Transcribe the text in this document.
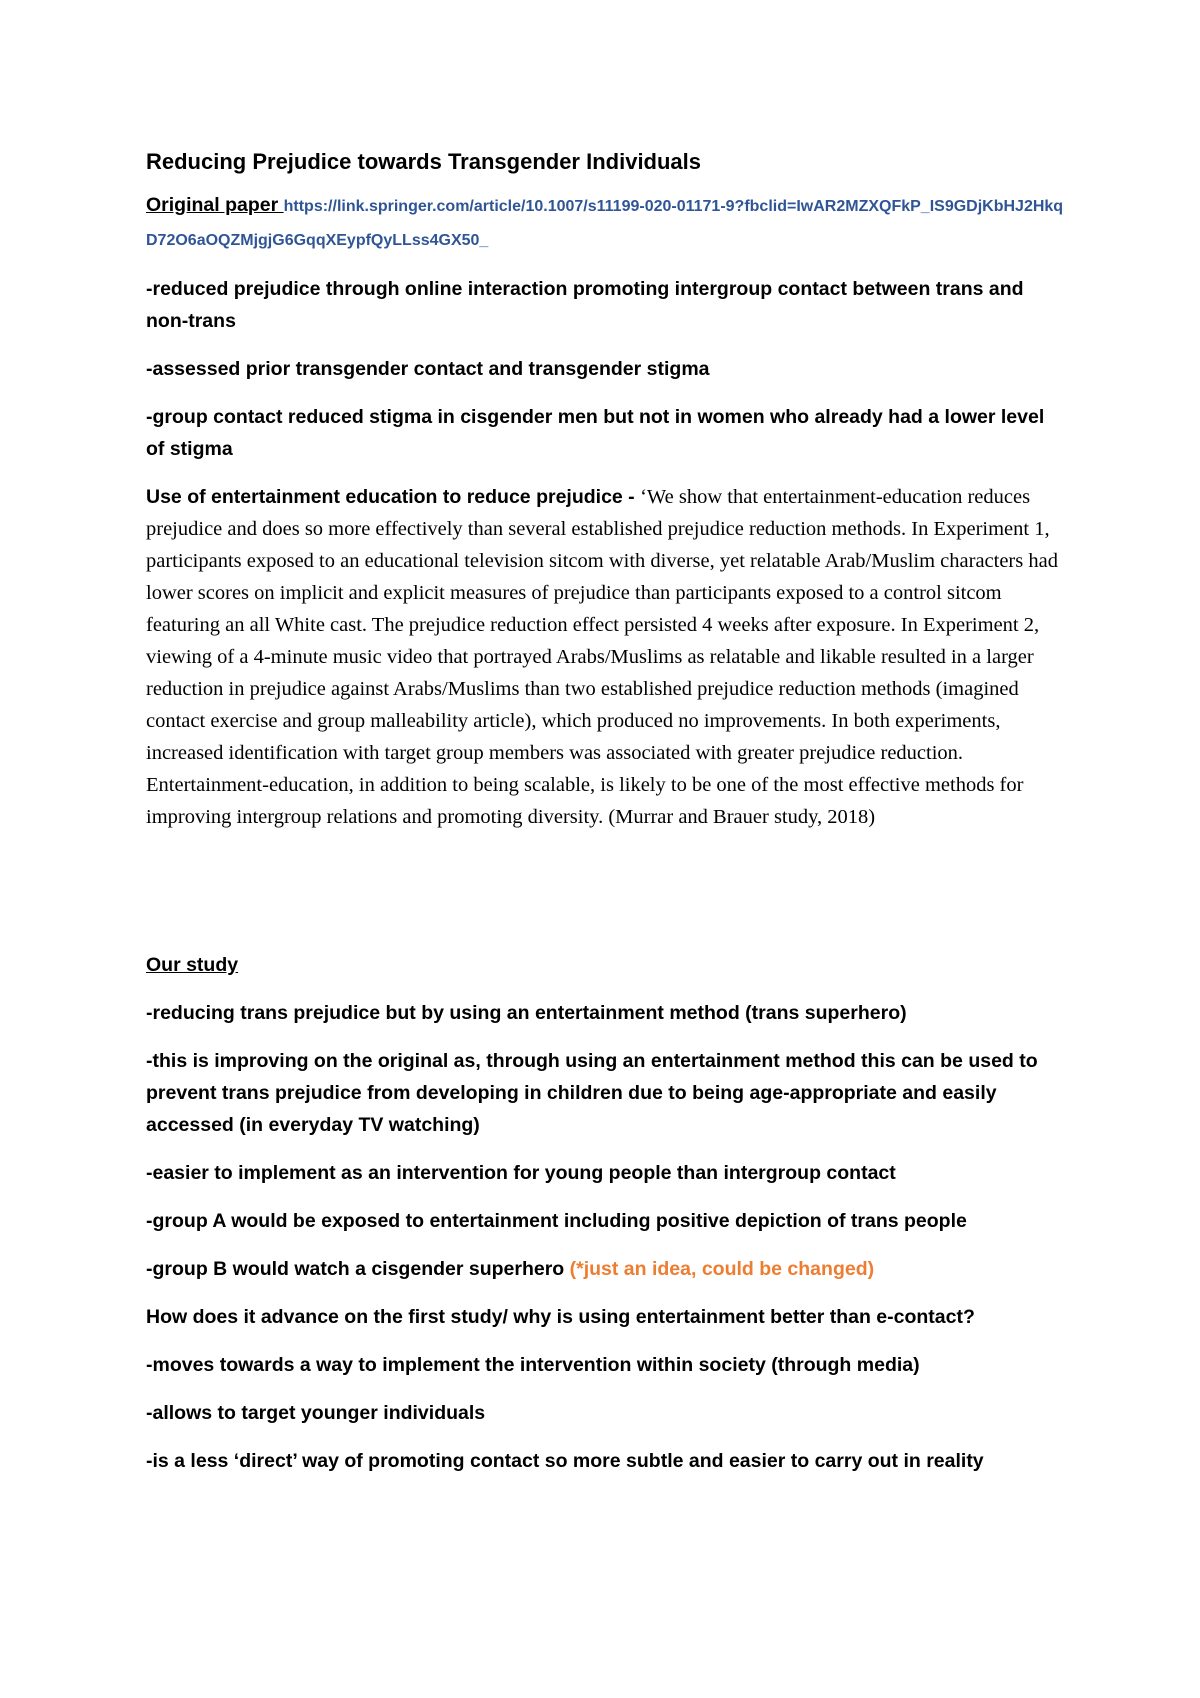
Reducing Prejudice towards Transgender Individuals
Original paper https://link.springer.com/article/10.1007/s11199-020-01171-9?fbclid=IwAR2MZXQFkP_IS9GDjKbHJ2HkqD72O6aOQZMjgjG6GqqXEypfQyLLss4GX50_
-reduced prejudice through online interaction promoting intergroup contact between trans and non-trans
-assessed prior transgender contact and transgender stigma
-group contact reduced stigma in cisgender men but not in women who already had a lower level of stigma
Use of entertainment education to reduce prejudice - ‘We show that entertainment-education reduces prejudice and does so more effectively than several established prejudice reduction methods. In Experiment 1, participants exposed to an educational television sitcom with diverse, yet relatable Arab/Muslim characters had lower scores on implicit and explicit measures of prejudice than participants exposed to a control sitcom featuring an all White cast. The prejudice reduction effect persisted 4 weeks after exposure. In Experiment 2, viewing of a 4-minute music video that portrayed Arabs/Muslims as relatable and likable resulted in a larger reduction in prejudice against Arabs/Muslims than two established prejudice reduction methods (imagined contact exercise and group malleability article), which produced no improvements. In both experiments, increased identification with target group members was associated with greater prejudice reduction. Entertainment-education, in addition to being scalable, is likely to be one of the most effective methods for improving intergroup relations and promoting diversity. (Murrar and Brauer study, 2018)
Our study
-reducing trans prejudice but by using an entertainment method (trans superhero)
-this is improving on the original as, through using an entertainment method this can be used to prevent trans prejudice from developing in children due to being age-appropriate and easily accessed (in everyday TV watching)
-easier to implement as an intervention for young people than intergroup contact
-group A would be exposed to entertainment including positive depiction of trans people
-group B would watch a cisgender superhero (*just an idea, could be changed)
How does it advance on the first study/ why is using entertainment better than e-contact?
-moves towards a way to implement the intervention within society (through media)
-allows to target younger individuals
-is a less ‘direct’ way of promoting contact so more subtle and easier to carry out in reality
